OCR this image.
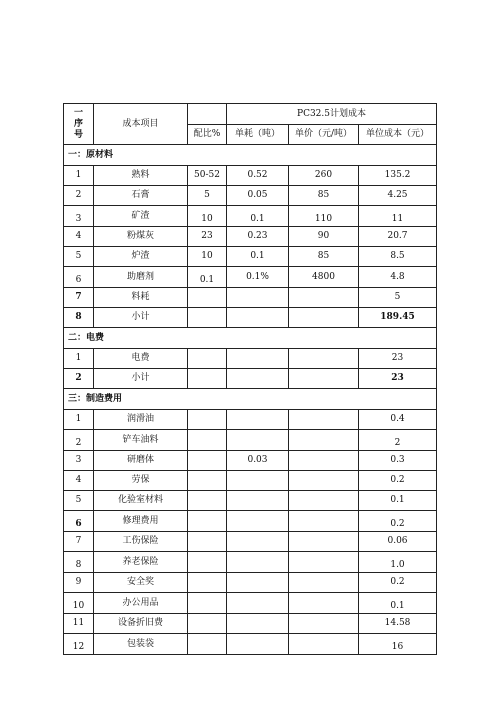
一
序
号	成本项目		PC32.5计划成本		
		配比%	单耗（吨）	单价（元/吨）	单位成本（元）
一：原材料					
1	熟料	50-52	0.52	260	135.2
2	石膏	5	0.05	85	4.25
3	矿渣	10	0.1	110	11
4	粉煤灰	23	0.23	90	20.7
5	炉渣	10	0.1	85	8.5
6	助磨剂	0.1	0.1%	4800	4.8
7	料耗				5
8	小计				189.45
二：电费					
1	电费				23
2	小计				23
三：制造费用					
1	润滑油				0.4
2	铲车油料				2
3	研磨体		0.03		0.3
4	劳保				0.2
5	化验室材料				0.1
6	修理费用				0.2
7	工伤保险				0.06
8	养老保险				1.0
9	安全奖				0.2
10	办公用品				0.1
11	设备折旧费				14.58
12	包装袋				16
